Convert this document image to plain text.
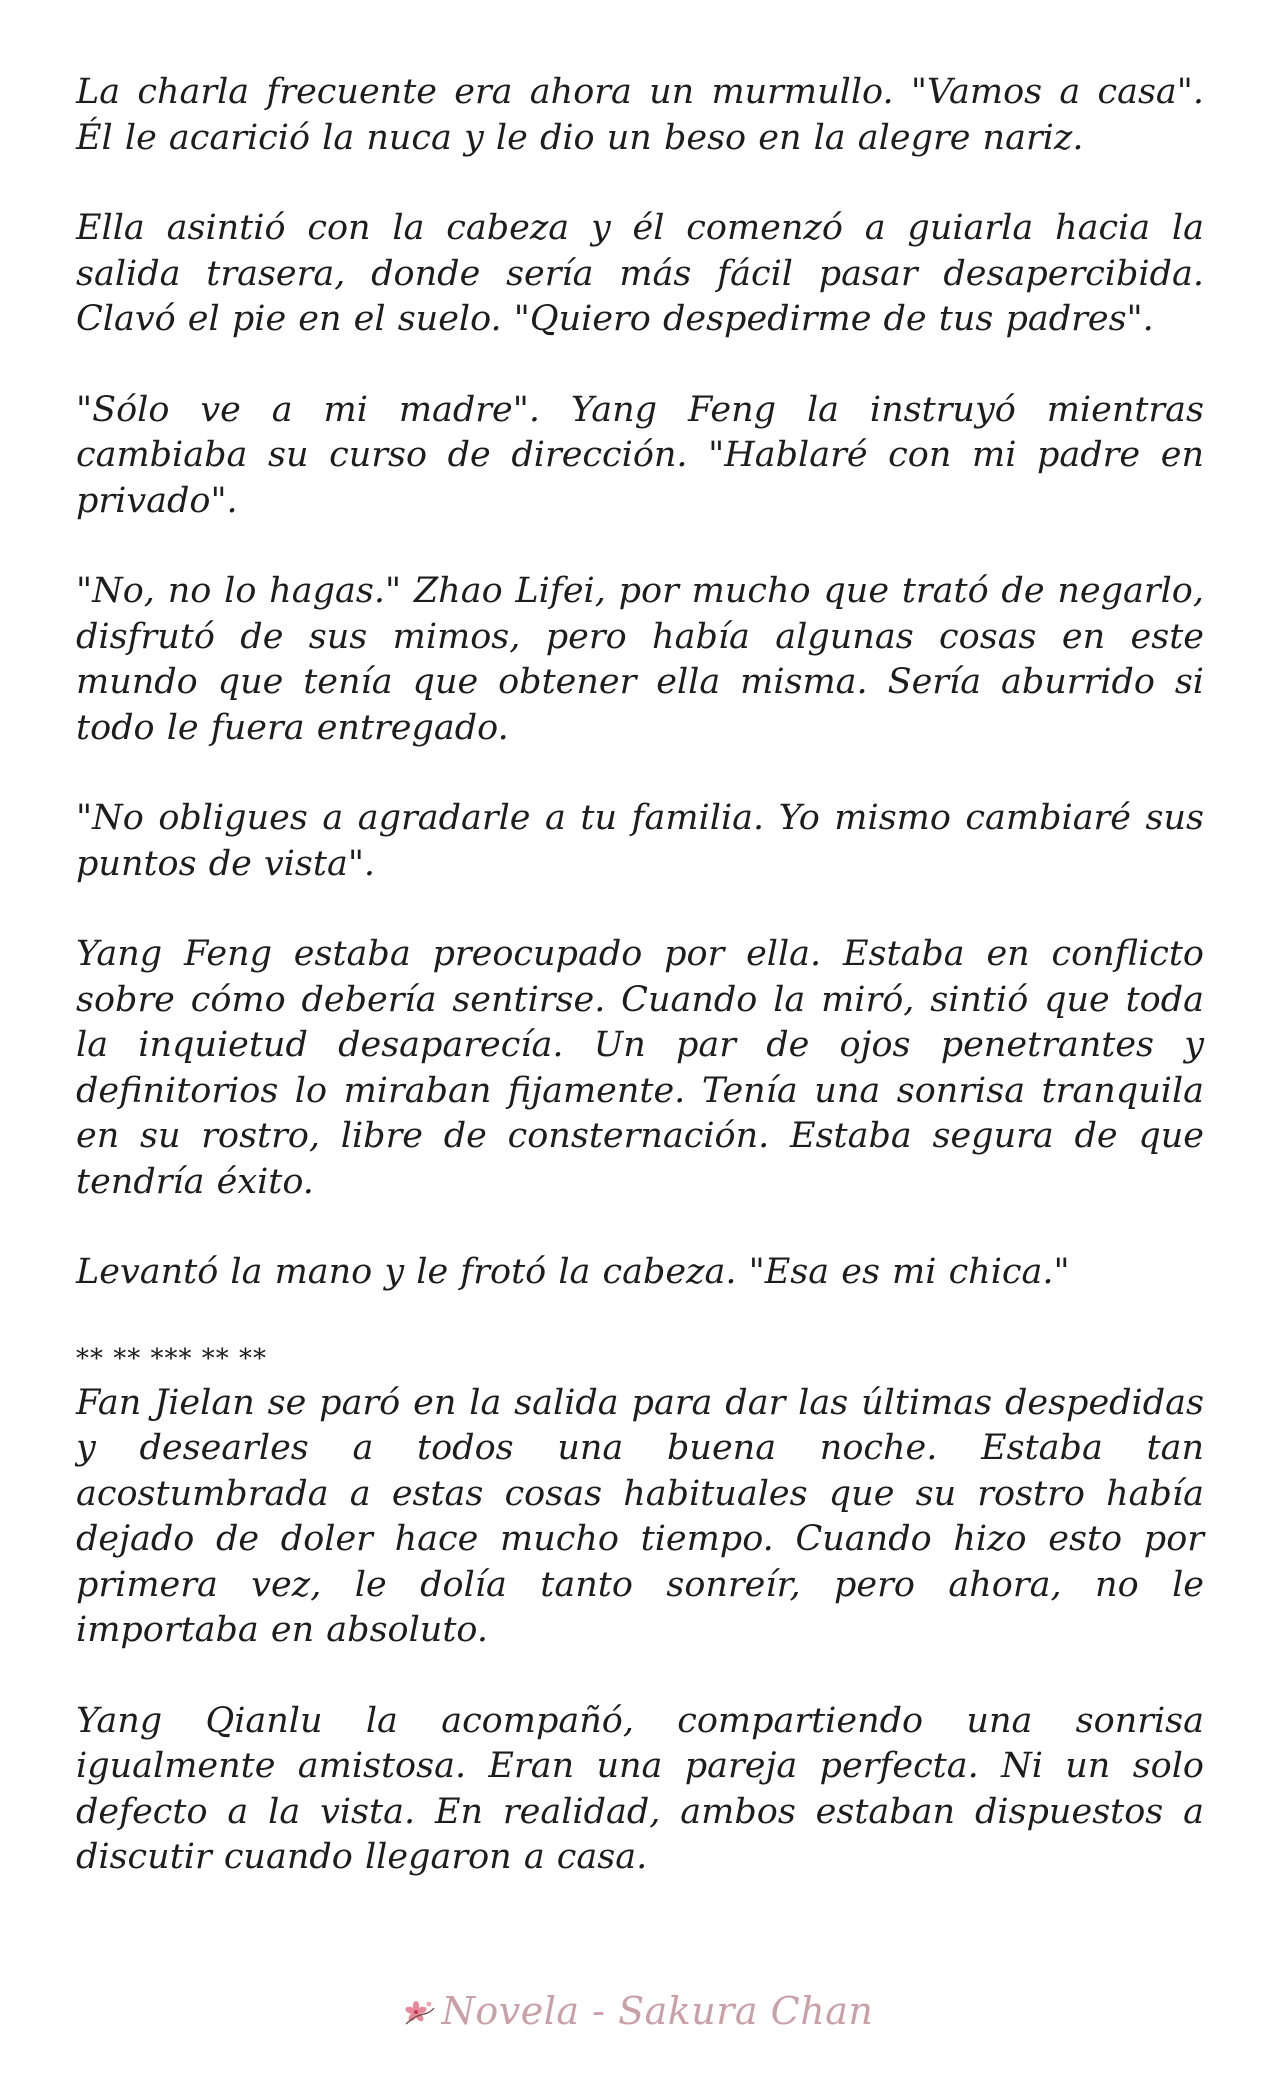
La charla frecuente era ahora un murmullo. "Vamos a casa". Él le acarició la nuca y le dio un beso en la alegre nariz.

Ella asintió con la cabeza y él comenzó a guiarla hacia la salida trasera, donde sería más fácil pasar desapercibida. Clavó el pie en el suelo. "Quiero despedirme de tus padres".

"Sólo ve a mi madre". Yang Feng la instruyó mientras cambiaba su curso de dirección. "Hablaré con mi padre en privado".

"No, no lo hagas." Zhao Lifei, por mucho que trató de negarlo, disfrutó de sus mimos, pero había algunas cosas en este mundo que tenía que obtener ella misma. Sería aburrido si todo le fuera entregado.

"No obligues a agradarle a tu familia. Yo mismo cambiaré sus puntos de vista".

Yang Feng estaba preocupado por ella. Estaba en conflicto sobre cómo debería sentirse. Cuando la miró, sintió que toda la inquietud desaparecía. Un par de ojos penetrantes y definitorios lo miraban fijamente. Tenía una sonrisa tranquila en su rostro, libre de consternación. Estaba segura de que tendría éxito.

Levantó la mano y le frotó la cabeza. "Esa es mi chica."

** ** *** ** **

Fan Jielan se paró en la salida para dar las últimas despedidas y desearles a todos una buena noche. Estaba tan acostumbrada a estas cosas habituales que su rostro había dejado de doler hace mucho tiempo. Cuando hizo esto por primera vez, le dolía tanto sonreír, pero ahora, no le importaba en absoluto.

Yang Qianlu la acompañó, compartiendo una sonrisa igualmente amistosa. Eran una pareja perfecta. Ni un solo defecto a la vista. En realidad, ambos estaban dispuestos a discutir cuando llegaron a casa.

Novela - Sakura Chan
